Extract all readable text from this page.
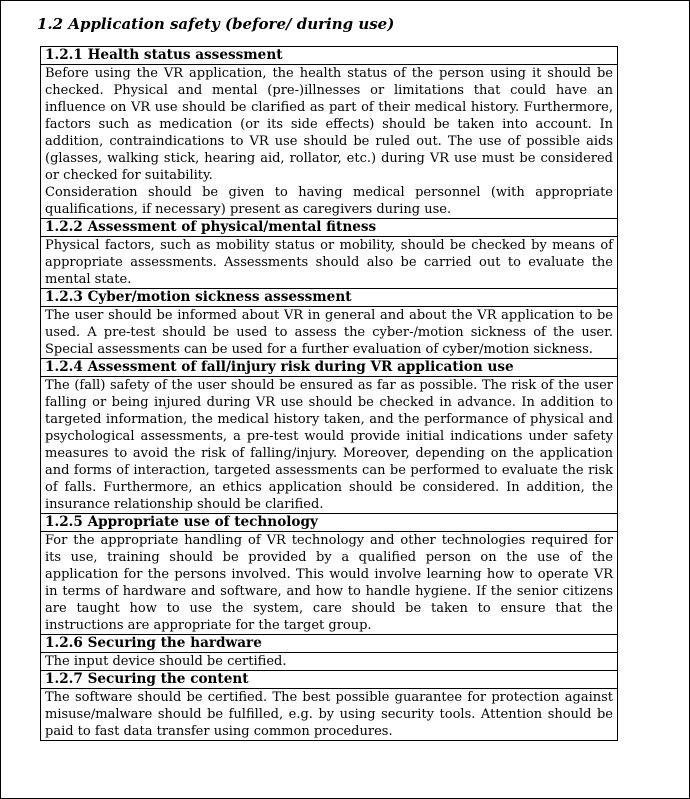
1.2 Application safety (before/ during use)
1.2.1 Health status assessment

Before using the VR application, the health status of the person using it should be checked. Physical and mental (pre-)illnesses or limitations that could have an influence on VR use should be clarified as part of their medical history. Furthermore, factors such as medication (or its side effects) should be taken into account. In addition, contraindications to VR use should be ruled out. The use of possible aids (glasses, walking stick, hearing aid, rollator, etc.) during VR use must be considered or checked for suitability.

Consideration should be given to having medical personnel (with appropriate qualifications, if necessary) present as caregivers during use.

1.2.2 Assessment of physical/mental fitness

Physical factors, such as mobility status or mobility, should be checked by means of appropriate assessments. Assessments should also be carried out to evaluate the mental state.

1.2.3 Cyber/motion sickness assessment

The user should be informed about VR in general and about the VR application to be used. A pre-test should be used to assess the cyber-/motion sickness of the user. Special assessments can be used for a further evaluation of cyber/motion sickness.

1.2.4 Assessment of fall/injury risk during VR application use

The (fall) safety of the user should be ensured as far as possible. The risk of the user falling or being injured during VR use should be checked in advance. In addition to targeted information, the medical history taken, and the performance of physical and psychological assessments, a pre-test would provide initial indications under safety measures to avoid the risk of falling/injury. Moreover, depending on the application and forms of interaction, targeted assessments can be performed to evaluate the risk of falls. Furthermore, an ethics application should be considered. In addition, the insurance relationship should be clarified.

1.2.5 Appropriate use of technology

For the appropriate handling of VR technology and other technologies required for its use, training should be provided by a qualified person on the use of the application for the persons involved. This would involve learning how to operate VR in terms of hardware and software, and how to handle hygiene. If the senior citizens are taught how to use the system, care should be taken to ensure that the instructions are appropriate for the target group.

1.2.6 Securing the hardware

The input device should be certified.

1.2.7 Securing the content

The software should be certified. The best possible guarantee for protection against misuse/malware should be fulfilled, e.g. by using security tools. Attention should be paid to fast data transfer using common procedures.
